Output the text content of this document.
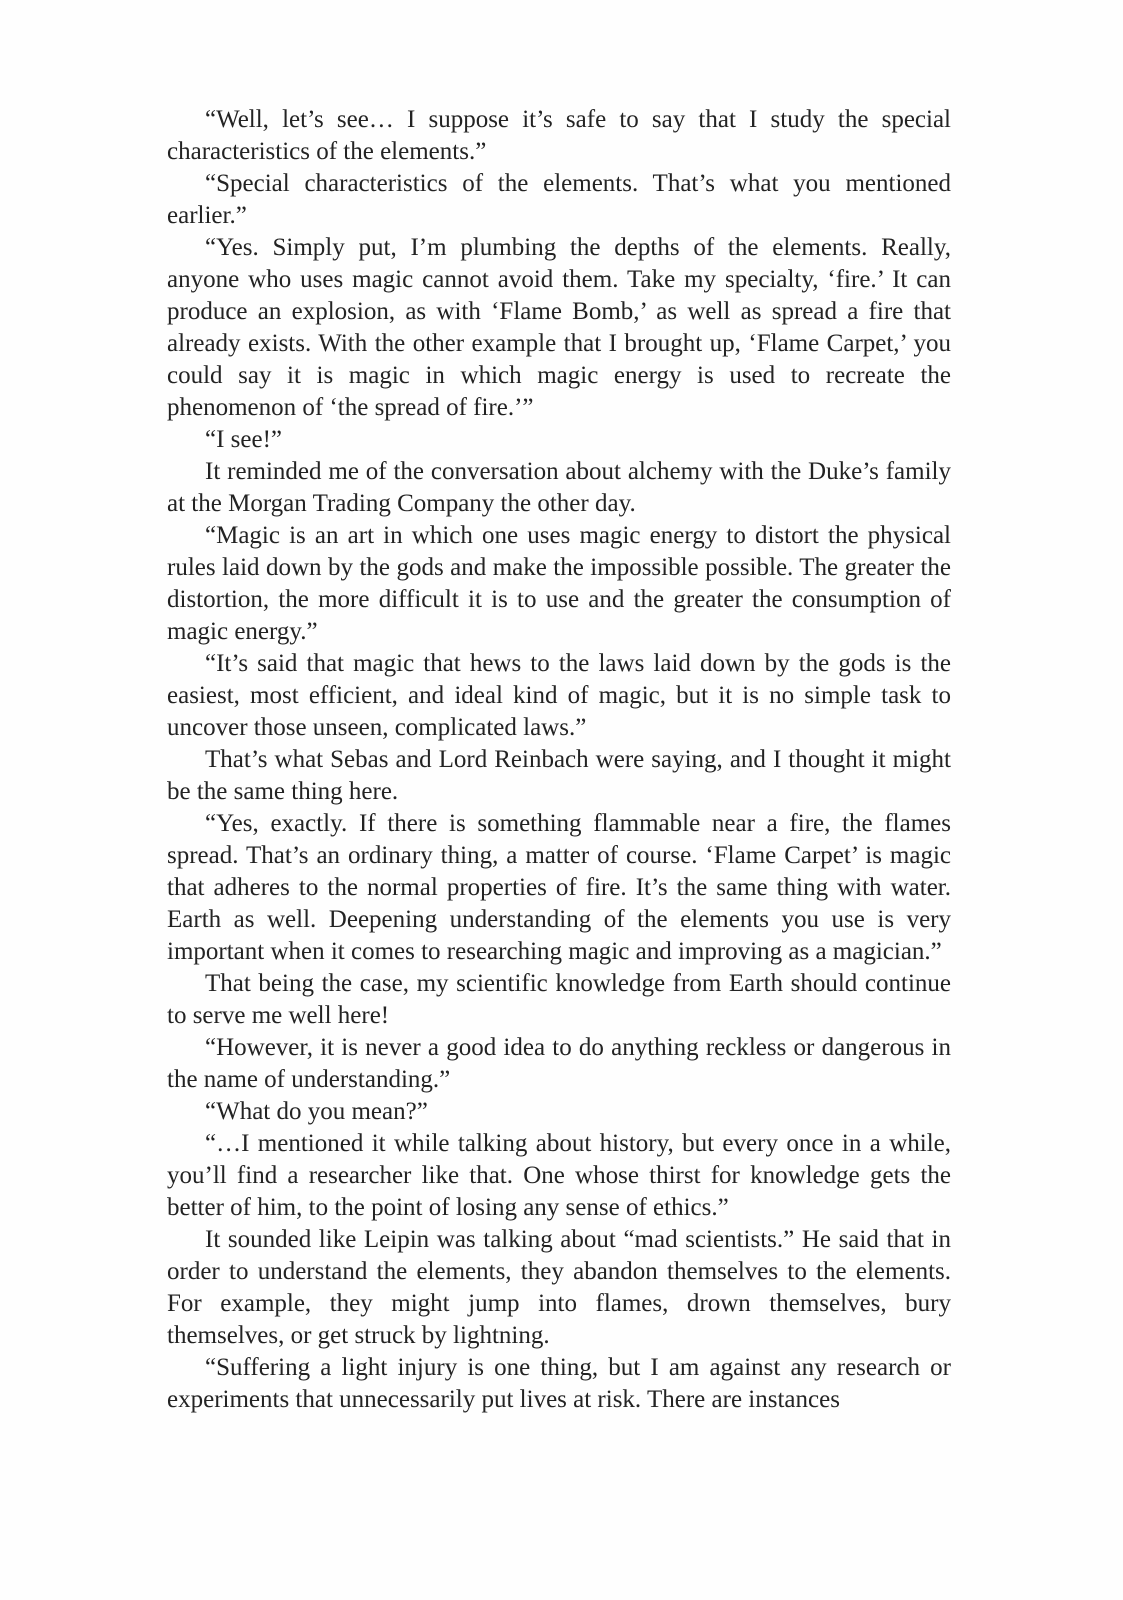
“Well, let’s see… I suppose it’s safe to say that I study the special characteristics of the elements.”

“Special characteristics of the elements. That’s what you mentioned earlier.”

“Yes. Simply put, I’m plumbing the depths of the elements. Really, anyone who uses magic cannot avoid them. Take my specialty, ‘fire.’ It can produce an explosion, as with ‘Flame Bomb,’ as well as spread a fire that already exists. With the other example that I brought up, ‘Flame Carpet,’ you could say it is magic in which magic energy is used to recreate the phenomenon of ‘the spread of fire.’”

“I see!”

It reminded me of the conversation about alchemy with the Duke’s family at the Morgan Trading Company the other day.

“Magic is an art in which one uses magic energy to distort the physical rules laid down by the gods and make the impossible possible. The greater the distortion, the more difficult it is to use and the greater the consumption of magic energy.”

“It’s said that magic that hews to the laws laid down by the gods is the easiest, most efficient, and ideal kind of magic, but it is no simple task to uncover those unseen, complicated laws.”

That’s what Sebas and Lord Reinbach were saying, and I thought it might be the same thing here.

“Yes, exactly. If there is something flammable near a fire, the flames spread. That’s an ordinary thing, a matter of course. ‘Flame Carpet’ is magic that adheres to the normal properties of fire. It’s the same thing with water. Earth as well. Deepening understanding of the elements you use is very important when it comes to researching magic and improving as a magician.”

That being the case, my scientific knowledge from Earth should continue to serve me well here!

“However, it is never a good idea to do anything reckless or dangerous in the name of understanding.”

“What do you mean?”

“…I mentioned it while talking about history, but every once in a while, you’ll find a researcher like that. One whose thirst for knowledge gets the better of him, to the point of losing any sense of ethics.”

It sounded like Leipin was talking about “mad scientists.” He said that in order to understand the elements, they abandon themselves to the elements. For example, they might jump into flames, drown themselves, bury themselves, or get struck by lightning.

“Suffering a light injury is one thing, but I am against any research or experiments that unnecessarily put lives at risk. There are instances
